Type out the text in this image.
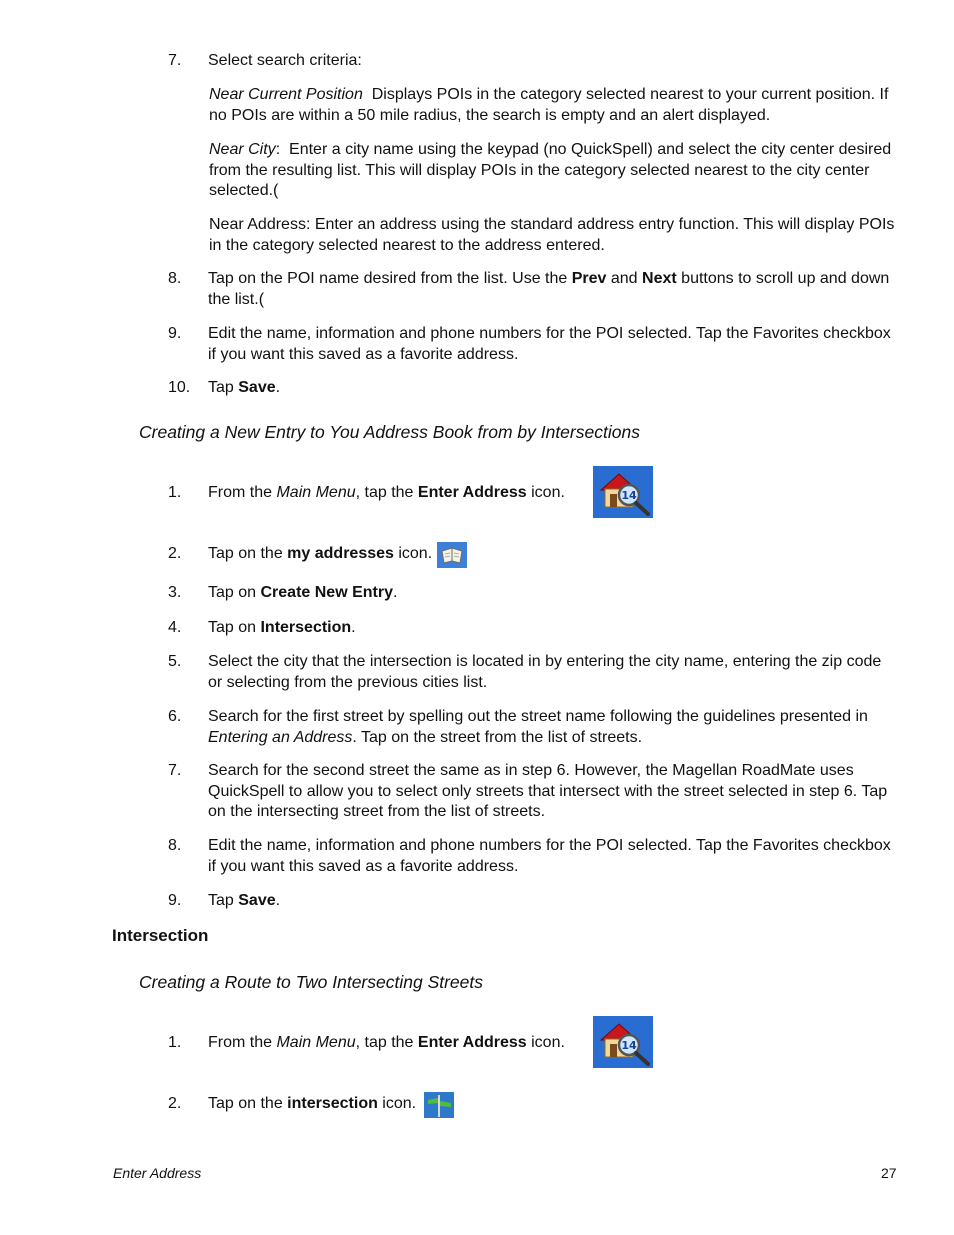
7. Select search criteria:
Near Current Position Displays POIs in the category selected nearest to your current position. If no POIs are within a 50 mile radius, the search is empty and an alert displayed.
Near City:  Enter a city name using the keypad (no QuickSpell) and select the city center desired from the resulting list. This will display POIs in the category selected nearest to the city center selected.(
Near Address: Enter an address using the standard address entry function. This will display POIs in the category selected nearest to the address entered.
8. Tap on the POI name desired from the list. Use the Prev and Next buttons to scroll up and down the list.(
9. Edit the name, information and phone numbers for the POI selected. Tap the Favorites checkbox if you want this saved as a favorite address.
10. Tap Save.
Creating a New Entry to You Address Book from by Intersections
1. From the Main Menu, tap the Enter Address icon.	14
2. Tap on the my addresses icon.
3. Tap on Create New Entry.
4. Tap on Intersection.
5. Select the city that the intersection is located in by entering the city name, entering the zip code or selecting from the previous cities list.
6. Search for the first street by spelling out the street name following the guidelines presented in Entering an Address. Tap on the street from the list of streets.
7. Search for the second street the same as in step 6. However, the Magellan RoadMate uses QuickSpell to allow you to select only streets that intersect with the street selected in step 6. Tap on the intersecting street from the list of streets.
8. Edit the name, information and phone numbers for the POI selected. Tap the Favorites checkbox if you want this saved as a favorite address.
9. Tap Save.
Intersection
Creating a Route to Two Intersecting Streets
1. From the Main Menu, tap the Enter Address icon.	14
2. Tap on the intersection icon.
Enter Address	27
